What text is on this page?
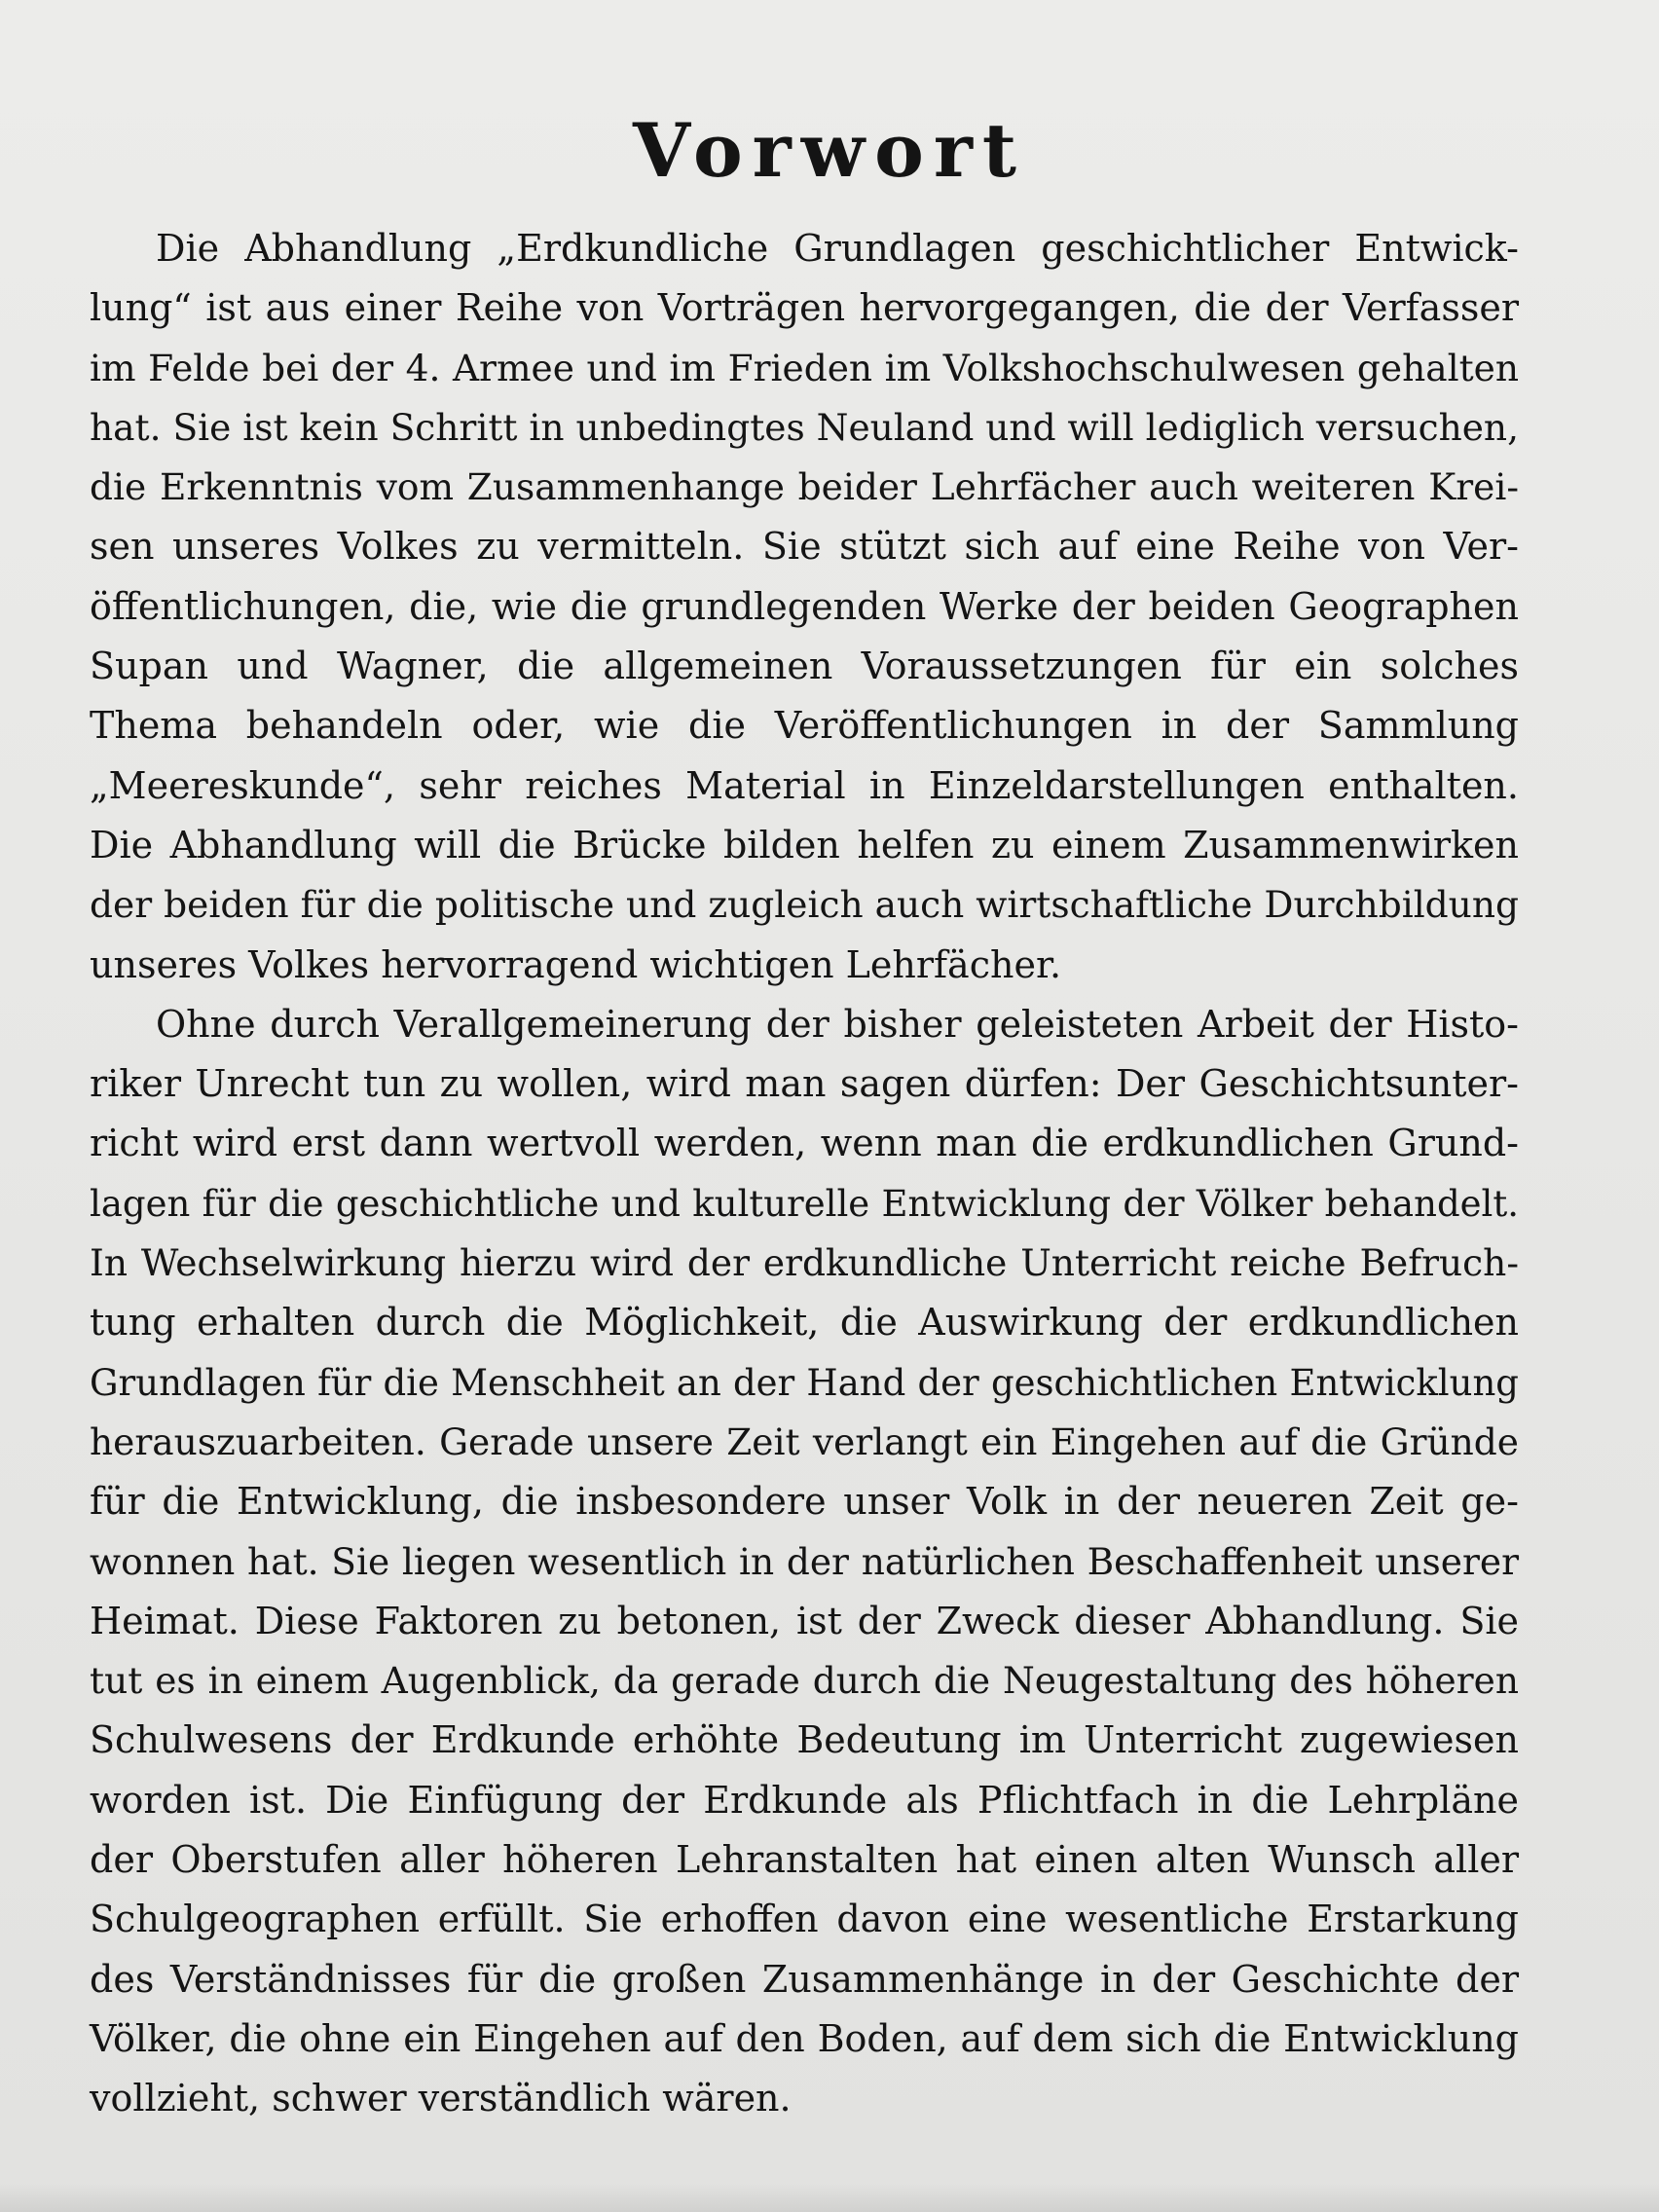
Vorwort

Die Abhandlung „Erdkundliche Grundlagen geschichtlicher Entwick-
lung“ ist aus einer Reihe von Vorträgen hervorgegangen, die der Verfasser
im Felde bei der 4. Armee und im Frieden im Volkshochschulwesen gehalten
hat. Sie ist kein Schritt in unbedingtes Neuland und will lediglich versuchen,
die Erkenntnis vom Zusammenhange beider Lehrfächer auch weiteren Krei-
sen unseres Volkes zu vermitteln. Sie stützt sich auf eine Reihe von Ver-
öffentlichungen, die, wie die grundlegenden Werke der beiden Geographen
Supan und Wagner, die allgemeinen Voraussetzungen für ein solches
Thema behandeln oder, wie die Veröffentlichungen in der Sammlung
„Meereskunde“, sehr reiches Material in Einzeldarstellungen enthalten.
Die Abhandlung will die Brücke bilden helfen zu einem Zusammenwirken
der beiden für die politische und zugleich auch wirtschaftliche Durchbildung
unseres Volkes hervorragend wichtigen Lehrfächer.

Ohne durch Verallgemeinerung der bisher geleisteten Arbeit der Histo-
riker Unrecht tun zu wollen, wird man sagen dürfen: Der Geschichtsunter-
richt wird erst dann wertvoll werden, wenn man die erdkundlichen Grund-
lagen für die geschichtliche und kulturelle Entwicklung der Völker behandelt.
In Wechselwirkung hierzu wird der erdkundliche Unterricht reiche Befruch-
tung erhalten durch die Möglichkeit, die Auswirkung der erdkundlichen
Grundlagen für die Menschheit an der Hand der geschichtlichen Entwicklung
herauszuarbeiten. Gerade unsere Zeit verlangt ein Eingehen auf die Gründe
für die Entwicklung, die insbesondere unser Volk in der neueren Zeit ge-
wonnen hat. Sie liegen wesentlich in der natürlichen Beschaffenheit unserer
Heimat. Diese Faktoren zu betonen, ist der Zweck dieser Abhandlung. Sie
tut es in einem Augenblick, da gerade durch die Neugestaltung des höheren
Schulwesens der Erdkunde erhöhte Bedeutung im Unterricht zugewiesen
worden ist. Die Einfügung der Erdkunde als Pflichtfach in die Lehrpläne
der Oberstufen aller höheren Lehranstalten hat einen alten Wunsch aller
Schulgeographen erfüllt. Sie erhoffen davon eine wesentliche Erstarkung
des Verständnisses für die großen Zusammenhänge in der Geschichte der
Völker, die ohne ein Eingehen auf den Boden, auf dem sich die Entwicklung
vollzieht, schwer verständlich wären.
